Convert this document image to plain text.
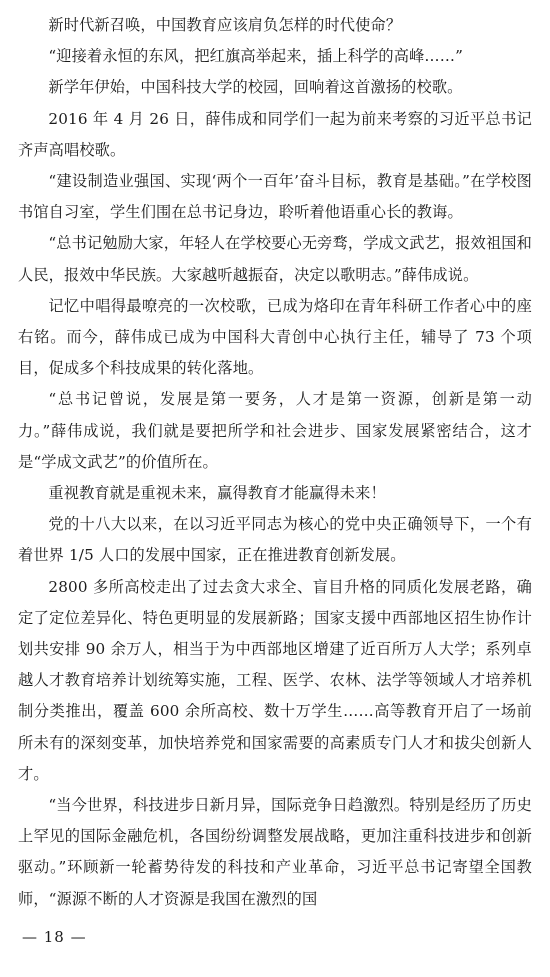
新时代新召唤，中国教育应该肩负怎样的时代使命？

“迎接着永恒的东风，把红旗高举起来，插上科学的高峰……”

新学年伊始，中国科技大学的校园，回响着这首激扬的校歌。

2016 年 4 月 26 日，薛伟成和同学们一起为前来考察的习近平总书记齐声高唱校歌。

“建设制造业强国、实现‘两个一百年’奋斗目标，教育是基础。”在学校图书馆自习室，学生们围在总书记身边，聆听着他语重心长的教诲。

“总书记勉励大家，年轻人在学校要心无旁骛，学成文武艺，报效祖国和人民，报效中华民族。大家越听越振奋，决定以歌明志。”薛伟成说。

记忆中唱得最嘹亮的一次校歌，已成为烙印在青年科研工作者心中的座右铭。而今，薛伟成已成为中国科大青创中心执行主任，辅导了 73 个项目，促成多个科技成果的转化落地。

“总书记曾说，发展是第一要务，人才是第一资源，创新是第一动力。”薛伟成说，我们就是要把所学和社会进步、国家发展紧密结合，这才是“学成文武艺”的价值所在。

重视教育就是重视未来，赢得教育才能赢得未来！

党的十八大以来，在以习近平同志为核心的党中央正确领导下，一个有着世界 1/5 人口的发展中国家，正在推进教育创新发展。

2800 多所高校走出了过去贪大求全、盲目升格的同质化发展老路，确定了定位差异化、特色更明显的发展新路；国家支援中西部地区招生协作计划共安排 90 余万人，相当于为中西部地区增建了近百所万人大学；系列卓越人才教育培养计划统筹实施，工程、医学、农林、法学等领域人才培养机制分类推出，覆盖 600 余所高校、数十万学生……高等教育开启了一场前所未有的深刻变革，加快培养党和国家需要的高素质专门人才和拔尖创新人才。

“当今世界，科技进步日新月异，国际竞争日趋激烈。特别是经历了历史上罕见的国际金融危机，各国纷纷调整发展战略，更加注重科技进步和创新驱动。”环顾新一轮蓄势待发的科技和产业革命，习近平总书记寄望全国教师，“源源不断的人才资源是我国在激烈的国

— 18 —
